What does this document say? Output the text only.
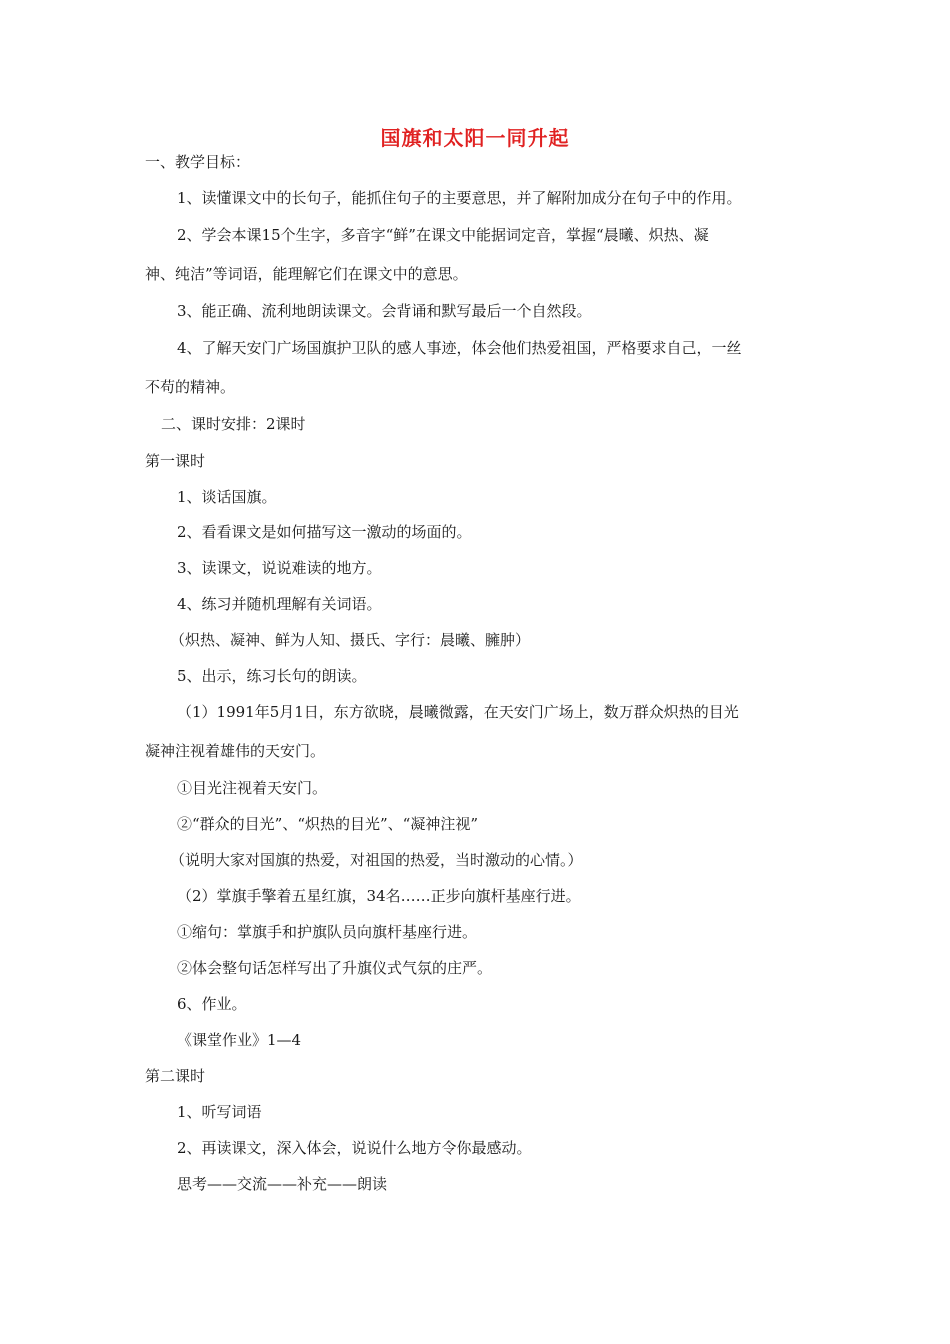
国旗和太阳一同升起
一、教学目标：
1、读懂课文中的长句子，能抓住句子的主要意思，并了解附加成分在句子中的作用。
2、学会本课15个生字，多音字“鲜”在课文中能据词定音，掌握“晨曦、炽热、凝
神、纯洁”等词语，能理解它们在课文中的意思。
3、能正确、流利地朗读课文。会背诵和默写最后一个自然段。
4、了解天安门广场国旗护卫队的感人事迹，体会他们热爱祖国，严格要求自己，一丝
不苟的精神。
二、课时安排：2课时
第一课时
1、谈话国旗。
2、看看课文是如何描写这一激动的场面的。
3、读课文，说说难读的地方。
4、练习并随机理解有关词语。
（炽热、凝神、鲜为人知、摄氏、字行：晨曦、臃肿）
5、出示，练习长句的朗读。
（1）1991年5月1日，东方欲晓，晨曦微露，在天安门广场上，数万群众炽热的目光
凝神注视着雄伟的天安门。
①目光注视着天安门。
②“群众的目光”、“炽热的目光”、“凝神注视”
（说明大家对国旗的热爱，对祖国的热爱，当时激动的心情。）
（2）掌旗手擎着五星红旗，34名……正步向旗杆基座行进。
①缩句：掌旗手和护旗队员向旗杆基座行进。
②体会整句话怎样写出了升旗仪式气氛的庄严。
6、作业。
《课堂作业》1—4
第二课时
1、听写词语
2、再读课文，深入体会，说说什么地方令你最感动。
思考——交流——补充——朗读
